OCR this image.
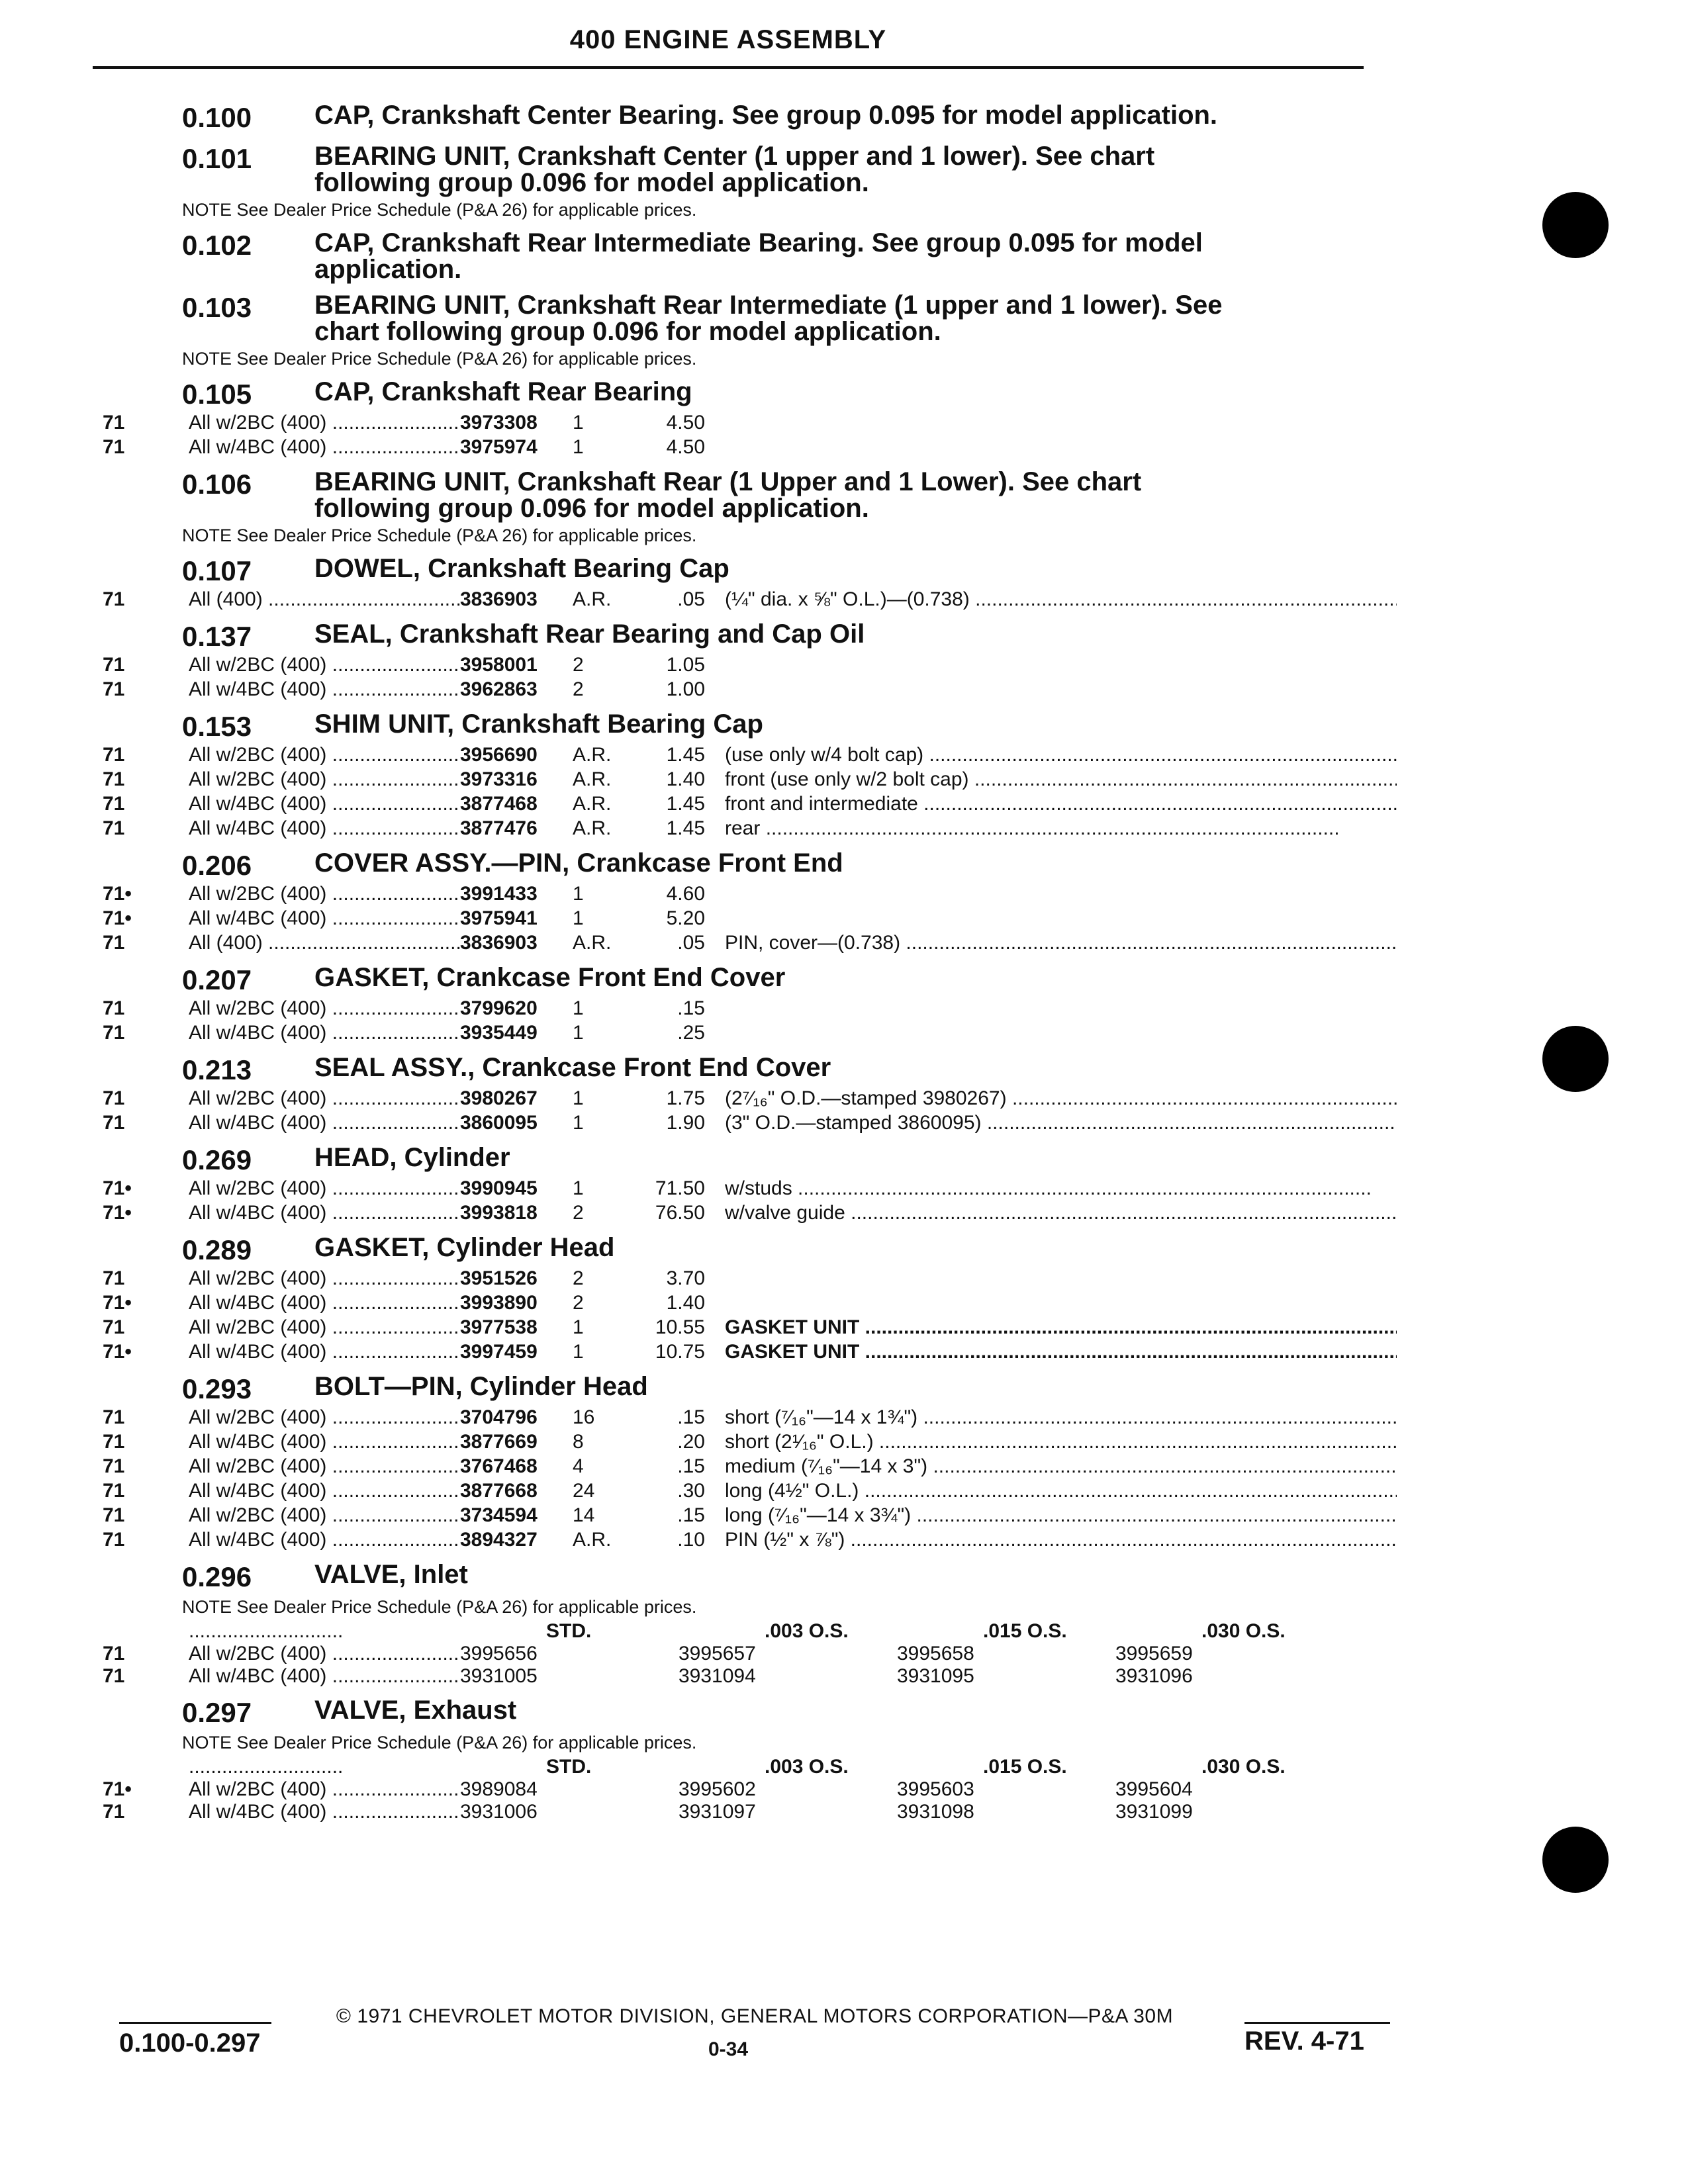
400 ENGINE ASSEMBLY
0.100	CAP, Crankshaft Center Bearing. See group 0.095 for model application.
0.101	BEARING UNIT, Crankshaft Center (1 upper and 1 lower). See chart
following group 0.096 for model application.
NOTE See Dealer Price Schedule (P&A 26) for applicable prices.
0.102	CAP, Crankshaft Rear Intermediate Bearing. See group 0.095 for model
application.
0.103	BEARING UNIT, Crankshaft Rear Intermediate (1 upper and 1 lower). See
chart following group 0.096 for model application.
NOTE See Dealer Price Schedule (P&A 26) for applicable prices.
0.105	CAP, Crankshaft Rear Bearing
71	All w/2BC (400) .....	3973308	1	4.50
71	All w/4BC (400) .....	3975974	1	4.50
0.106	BEARING UNIT, Crankshaft Rear (1 Upper and 1 Lower). See chart
following group 0.096 for model application.
NOTE See Dealer Price Schedule (P&A 26) for applicable prices.
0.107	DOWEL, Crankshaft Bearing Cap
71	All (400) .....	3836903	A.R.	.05	(¼" dia. x ⅝" O.L.)—(0.738) .....
0.137	SEAL, Crankshaft Rear Bearing and Cap Oil
71	All w/2BC (400) .....	3958001	2	1.05
71	All w/4BC (400) .....	3962863	2	1.00
0.153	SHIM UNIT, Crankshaft Bearing Cap
71	All w/2BC (400) .....	3956690	A.R.	1.45	(use only w/4 bolt cap) .....
71	All w/2BC (400) .....	3973316	A.R.	1.40	front (use only w/2 bolt cap) .....
71	All w/4BC (400) .....	3877468	A.R.	1.45	front and intermediate .....
71	All w/4BC (400) .....	3877476	A.R.	1.45	rear .....
0.206	COVER ASSY.—PIN, Crankcase Front End
71•	All w/2BC (400) .....	3991433	1	4.60
71•	All w/4BC (400) .....	3975941	1	5.20
71	All (400) .....	3836903	A.R.	.05	PIN, cover—(0.738) .....
0.207	GASKET, Crankcase Front End Cover
71	All w/2BC (400) .....	3799620	1	.15
71	All w/4BC (400) .....	3935449	1	.25
0.213	SEAL ASSY., Crankcase Front End Cover
71	All w/2BC (400) .....	3980267	1	1.75	(2⁷⁄₁₆" O.D.—stamped 3980267) .....
71	All w/4BC (400) .....	3860095	1	1.90	(3" O.D.—stamped 3860095) .....
0.269	HEAD, Cylinder
71•	All w/2BC (400) .....	3990945	1	71.50	w/studs .....
71•	All w/4BC (400) .....	3993818	2	76.50	w/valve guide .....
0.289	GASKET, Cylinder Head
71	All w/2BC (400) .....	3951526	2	3.70
71•	All w/4BC (400) .....	3993890	2	1.40
71	All w/2BC (400) .....	3977538	1	10.55	GASKET UNIT .....
71•	All w/4BC (400) .....	3997459	1	10.75	GASKET UNIT .....
0.293	BOLT—PIN, Cylinder Head
71	All w/2BC (400) .....	3704796	16	.15	short (⁷⁄₁₆"—14 x 1¾") .....
71	All w/4BC (400) .....	3877669	8	.20	short (2¹⁄₁₆" O.L.) .....
71	All w/2BC (400) .....	3767468	4	.15	medium (⁷⁄₁₆"—14 x 3") .....
71	All w/4BC (400) .....	3877668	24	.30	long (4½" O.L.) .....
71	All w/2BC (400) .....	3734594	14	.15	long (⁷⁄₁₆"—14 x 3¾") .....
71	All w/4BC (400) .....	3894327	A.R.	.10	PIN (½" x ⅞") .....
0.296	VALVE, Inlet
NOTE See Dealer Price Schedule (P&A 26) for applicable prices.
.....
STD.	.003 O.S.	.015 O.S.	.030 O.S.
71	All w/2BC (400) .....	3995656	3995657	3995658	3995659
71	All w/4BC (400) .....	3931005	3931094	3931095	3931096
0.297	VALVE, Exhaust
NOTE See Dealer Price Schedule (P&A 26) for applicable prices.
.....
STD.	.003 O.S.	.015 O.S.	.030 O.S.
71•	All w/2BC (400) .....	3989084	3995602	3995603	3995604
71	All w/4BC (400) .....	3931006	3931097	3931098	3931099
© 1971 CHEVROLET MOTOR DIVISION, GENERAL MOTORS CORPORATION—P&A 30M
0.100-0.297	0-34	REV. 4-71
